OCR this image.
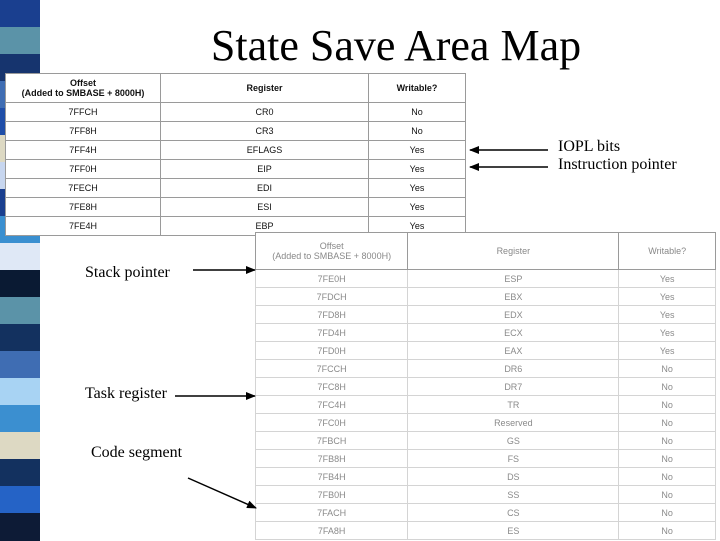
State Save Area Map
Offset
(Added to SMBASE + 8000H)	Register	Writable?
7FFCH	CR0	No
7FF8H	CR3	No
7FF4H	EFLAGS	Yes
7FF0H	EIP	Yes
7FECH	EDI	Yes
7FE8H	ESI	Yes
7FE4H	EBP	Yes
Offset
(Added to SMBASE + 8000H)	Register	Writable?
7FE0H	ESP	Yes
7FDCH	EBX	Yes
7FD8H	EDX	Yes
7FD4H	ECX	Yes
7FD0H	EAX	Yes
7FCCH	DR6	No
7FC8H	DR7	No
7FC4H	TR	No
7FC0H	Reserved	No
7FBCH	GS	No
7FB8H	FS	No
7FB4H	DS	No
7FB0H	SS	No
7FACH	CS	No
7FA8H	ES	No
IOPL bits
Instruction pointer
Stack pointer
Task register
Code segment
